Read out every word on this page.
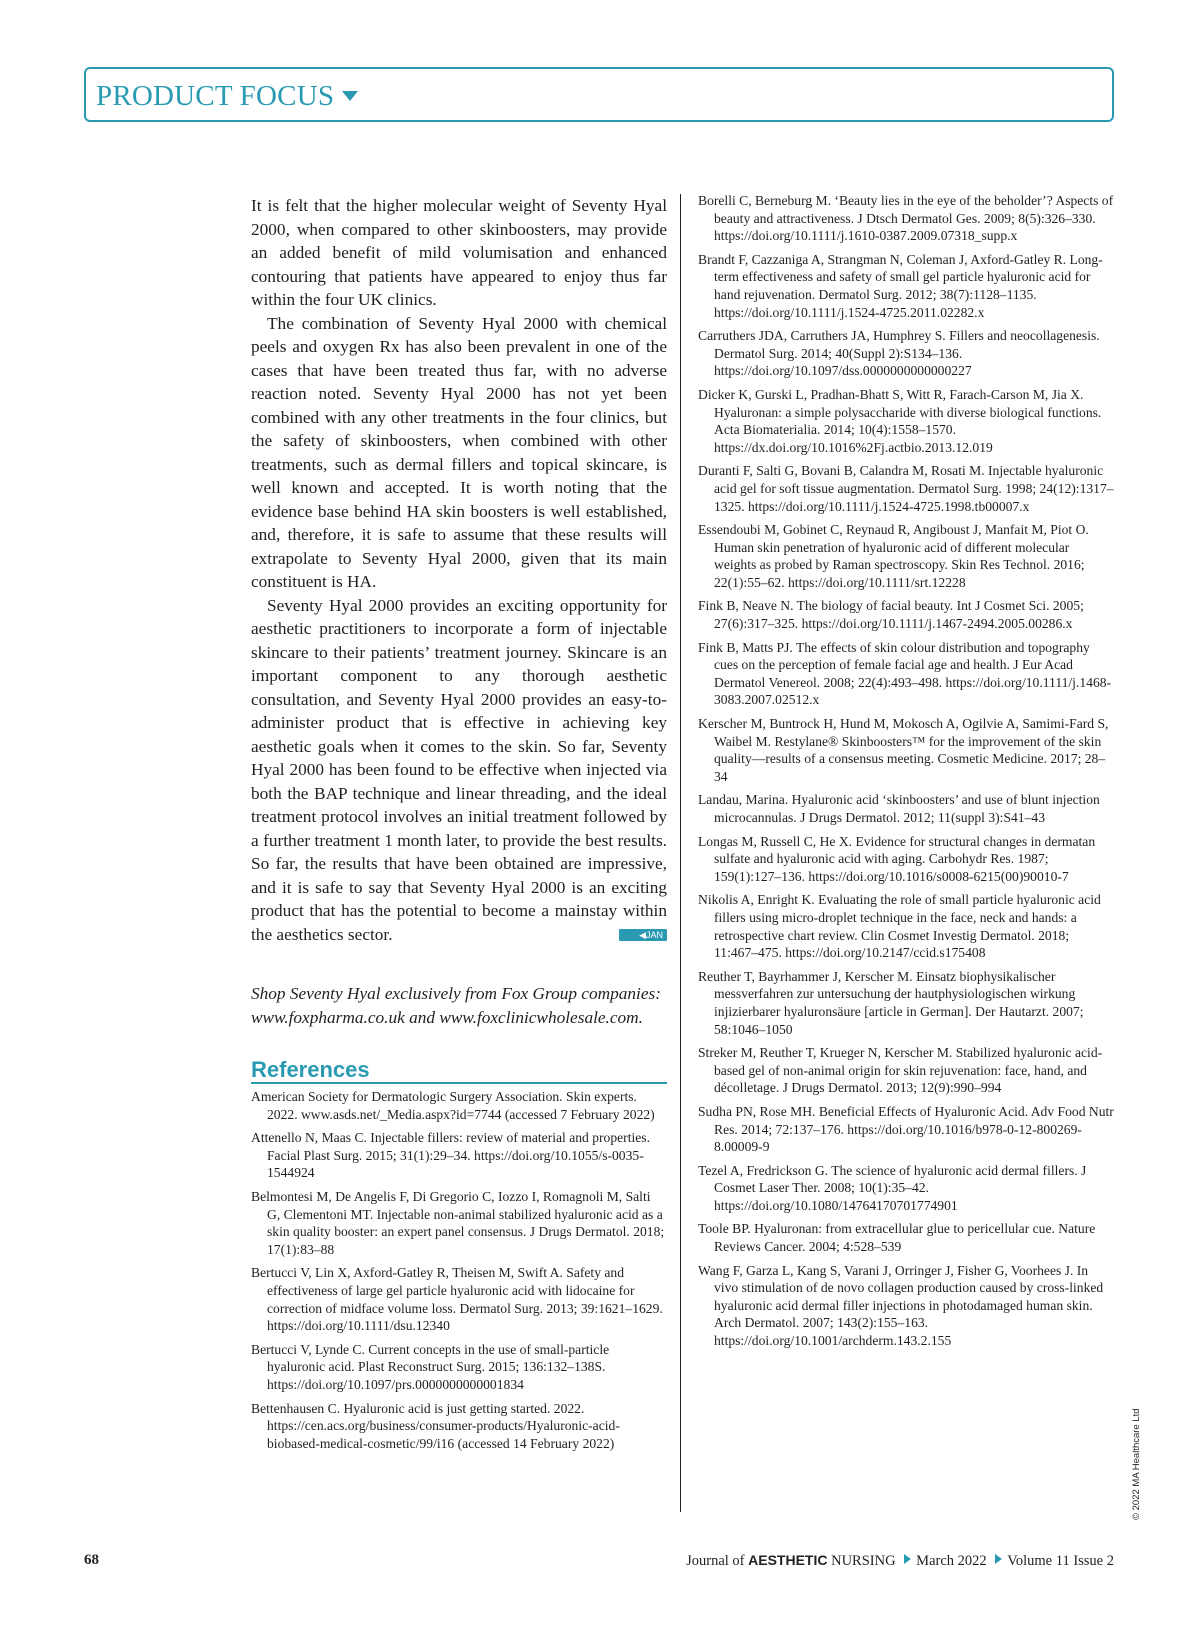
PRODUCT FOCUS

It is felt that the higher molecular weight of Seventy Hyal 2000, when compared to other skinboosters, may provide an added benefit of mild volumisation and enhanced contouring that patients have appeared to enjoy thus far within the four UK clinics.

The combination of Seventy Hyal 2000 with chemical peels and oxygen Rx has also been prevalent in one of the cases that have been treated thus far, with no adverse reaction noted. Seventy Hyal 2000 has not yet been combined with any other treatments in the four clinics, but the safety of skinboosters, when combined with other treatments, such as dermal fillers and topical skincare, is well known and accepted. It is worth noting that the evidence base behind HA skin boosters is well established, and, therefore, it is safe to assume that these results will extrapolate to Seventy Hyal 2000, given that its main constituent is HA.

Seventy Hyal 2000 provides an exciting opportunity for aesthetic practitioners to incorporate a form of injectable skincare to their patients’ treatment journey. Skincare is an important component to any thorough aesthetic consultation, and Seventy Hyal 2000 provides an easy-to-administer product that is effective in achieving key aesthetic goals when it comes to the skin. So far, Seventy Hyal 2000 has been found to be effective when injected via both the BAP technique and linear threading, and the ideal treatment protocol involves an initial treatment followed by a further treatment 1 month later, to provide the best results. So far, the results that have been obtained are impressive, and it is safe to say that Seventy Hyal 2000 is an exciting product that has the potential to become a mainstay within the aesthetics sector.	◀JAN

Shop Seventy Hyal exclusively from Fox Group companies: www.foxpharma.co.uk and www.foxclinicwholesale.com.

References
American Society for Dermatologic Surgery Association. Skin experts. 2022. www.asds.net/_Media.aspx?id=7744 (accessed 7 February 2022)
Attenello N, Maas C. Injectable fillers: review of material and properties. Facial Plast Surg. 2015; 31(1):29–34. https://doi.org/10.1055/s-0035-1544924
Belmontesi M, De Angelis F, Di Gregorio C, Iozzo I, Romagnoli M, Salti G, Clementoni MT. Injectable non-animal stabilized hyaluronic acid as a skin quality booster: an expert panel consensus. J Drugs Dermatol. 2018; 17(1):83–88
Bertucci V, Lin X, Axford-Gatley R, Theisen M, Swift A. Safety and effectiveness of large gel particle hyaluronic acid with lidocaine for correction of midface volume loss. Dermatol Surg. 2013; 39:1621–1629. https://doi.org/10.1111/dsu.12340
Bertucci V, Lynde C. Current concepts in the use of small-particle hyaluronic acid. Plast Reconstruct Surg. 2015; 136:132–138S. https://doi.org/10.1097/prs.0000000000001834
Bettenhausen C. Hyaluronic acid is just getting started. 2022. https://cen.acs.org/business/consumer-products/Hyaluronic-acid-biobased-medical-cosmetic/99/i16 (accessed 14 February 2022)
Borelli C, Berneburg M. ‘Beauty lies in the eye of the beholder’? Aspects of beauty and attractiveness. J Dtsch Dermatol Ges. 2009; 8(5):326–330. https://doi.org/10.1111/j.1610-0387.2009.07318_supp.x
Brandt F, Cazzaniga A, Strangman N, Coleman J, Axford-Gatley R. Long-term effectiveness and safety of small gel particle hyaluronic acid for hand rejuvenation. Dermatol Surg. 2012; 38(7):1128–1135. https://doi.org/10.1111/j.1524-4725.2011.02282.x
Carruthers JDA, Carruthers JA, Humphrey S. Fillers and neocollagenesis. Dermatol Surg. 2014; 40(Suppl 2):S134–136. https://doi.org/10.1097/dss.0000000000000227
Dicker K, Gurski L, Pradhan-Bhatt S, Witt R, Farach-Carson M, Jia X. Hyaluronan: a simple polysaccharide with diverse biological functions. Acta Biomaterialia. 2014; 10(4):1558–1570. https://dx.doi.org/10.1016%2Fj.actbio.2013.12.019
Duranti F, Salti G, Bovani B, Calandra M, Rosati M. Injectable hyaluronic acid gel for soft tissue augmentation. Dermatol Surg. 1998; 24(12):1317–1325. https://doi.org/10.1111/j.1524-4725.1998.tb00007.x
Essendoubi M, Gobinet C, Reynaud R, Angiboust J, Manfait M, Piot O. Human skin penetration of hyaluronic acid of different molecular weights as probed by Raman spectroscopy. Skin Res Technol. 2016; 22(1):55–62. https://doi.org/10.1111/srt.12228
Fink B, Neave N. The biology of facial beauty. Int J Cosmet Sci. 2005; 27(6):317–325. https://doi.org/10.1111/j.1467-2494.2005.00286.x
Fink B, Matts PJ. The effects of skin colour distribution and topography cues on the perception of female facial age and health. J Eur Acad Dermatol Venereol. 2008; 22(4):493–498. https://doi.org/10.1111/j.1468-3083.2007.02512.x
Kerscher M, Buntrock H, Hund M, Mokosch A, Ogilvie A, Samimi-Fard S, Waibel M. Restylane® Skinboosters™ for the improvement of the skin quality—results of a consensus meeting. Cosmetic Medicine. 2017; 28–34
Landau, Marina. Hyaluronic acid ‘skinboosters’ and use of blunt injection microcannulas. J Drugs Dermatol. 2012; 11(suppl 3):S41–43
Longas M, Russell C, He X. Evidence for structural changes in dermatan sulfate and hyaluronic acid with aging. Carbohydr Res. 1987; 159(1):127–136. https://doi.org/10.1016/s0008-6215(00)90010-7
Nikolis A, Enright K. Evaluating the role of small particle hyaluronic acid fillers using micro-droplet technique in the face, neck and hands: a retrospective chart review. Clin Cosmet Investig Dermatol. 2018; 11:467–475. https://doi.org/10.2147/ccid.s175408
Reuther T, Bayrhammer J, Kerscher M. Einsatz biophysikalischer messverfahren zur untersuchung der hautphysiologischen wirkung injizierbarer hyaluronsäure [article in German]. Der Hautarzt. 2007; 58:1046–1050
Streker M, Reuther T, Krueger N, Kerscher M. Stabilized hyaluronic acid-based gel of non-animal origin for skin rejuvenation: face, hand, and décolletage. J Drugs Dermatol. 2013; 12(9):990–994
Sudha PN, Rose MH. Beneficial Effects of Hyaluronic Acid. Adv Food Nutr Res. 2014; 72:137–176. https://doi.org/10.1016/b978-0-12-800269-8.00009-9
Tezel A, Fredrickson G. The science of hyaluronic acid dermal fillers. J Cosmet Laser Ther. 2008; 10(1):35–42. https://doi.org/10.1080/14764170701774901
Toole BP. Hyaluronan: from extracellular glue to pericellular cue. Nature Reviews Cancer. 2004; 4:528–539
Wang F, Garza L, Kang S, Varani J, Orringer J, Fisher G, Voorhees J. In vivo stimulation of de novo collagen production caused by cross-linked hyaluronic acid dermal filler injections in photodamaged human skin. Arch Dermatol. 2007; 143(2):155–163. https://doi.org/10.1001/archderm.143.2.155
© 2022 MA Healthcare Ltd
68	Journal of AESTHETIC NURSING March 2022 Volume 11 Issue 2
